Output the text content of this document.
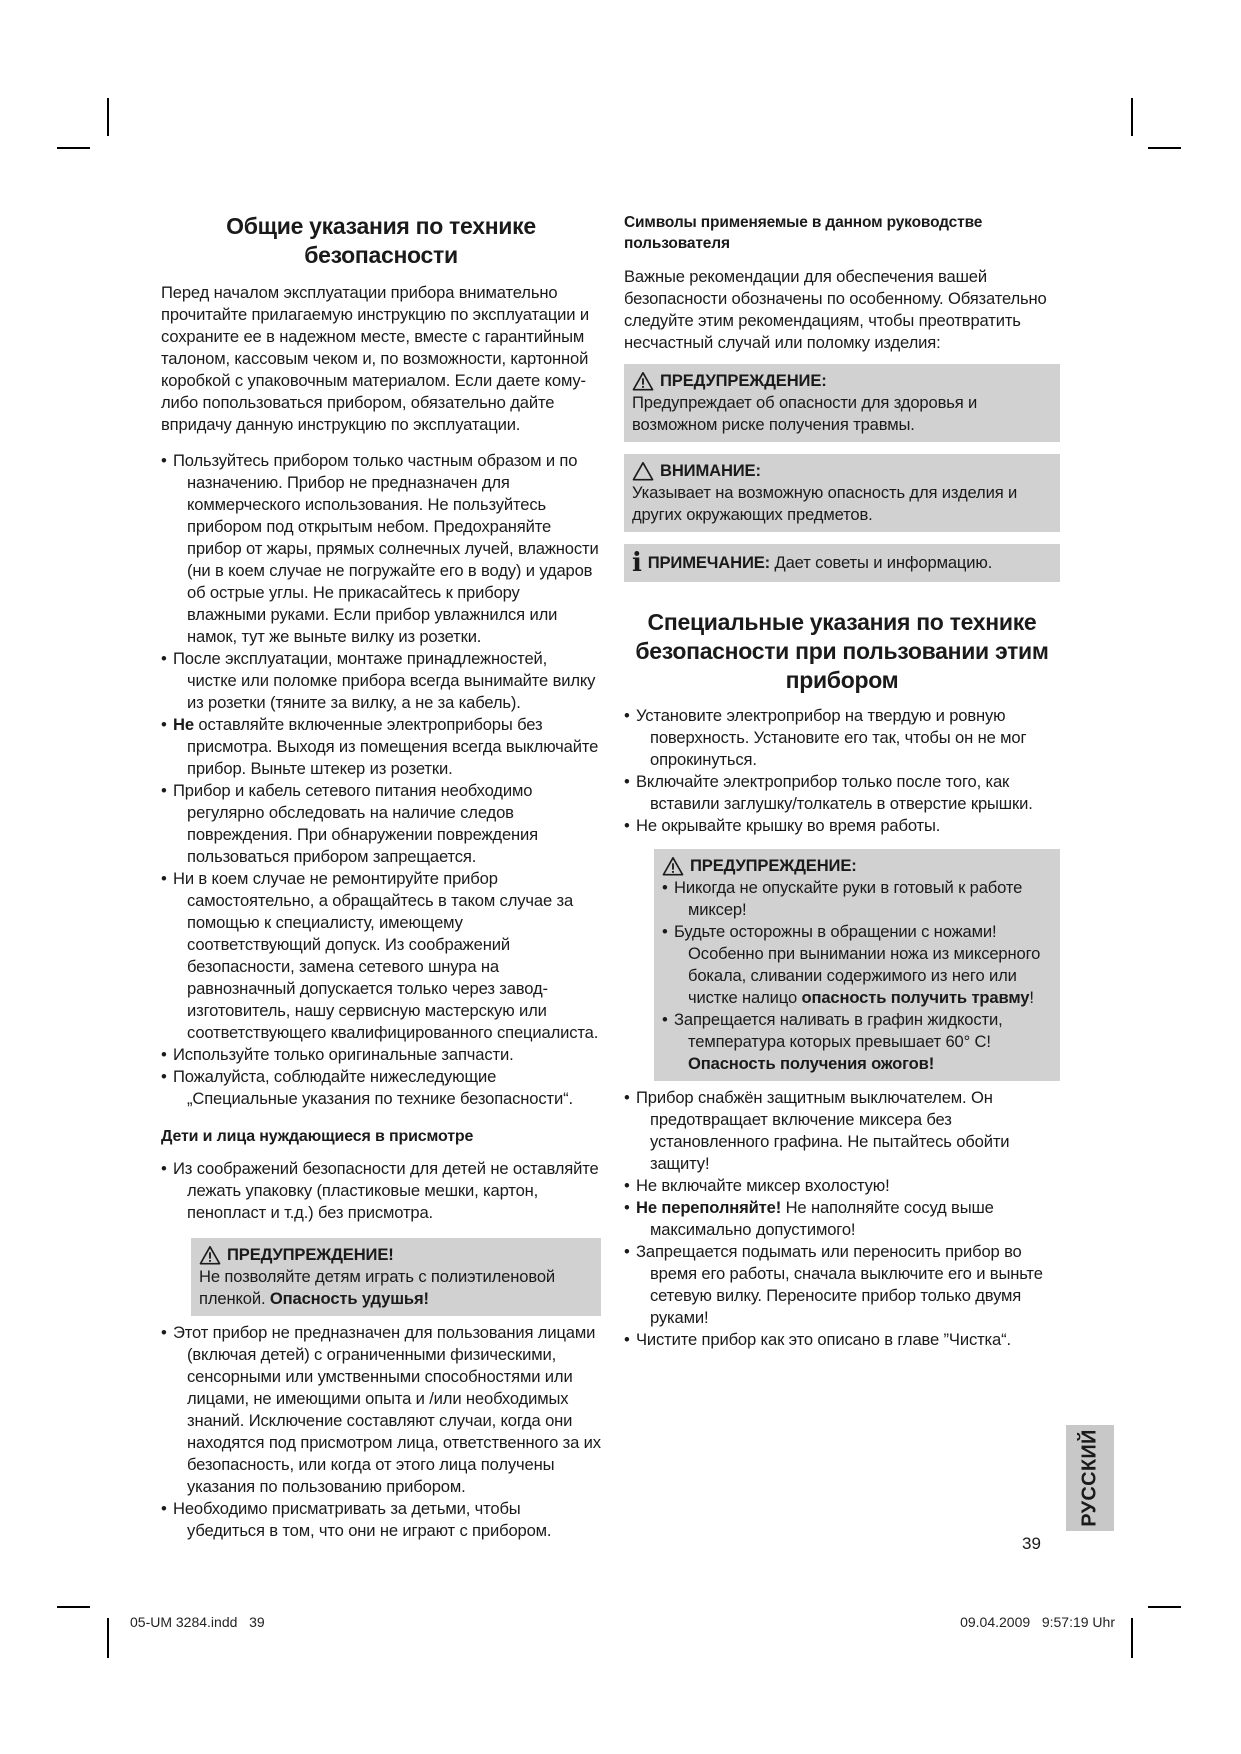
Общие указания по технике безопасности

Перед началом эксплуатации прибора внимательно прочитайте прилагаемую инструкцию по эксплуатации и сохраните ее в надежном месте, вместе с гарантийным талоном, кассовым чеком и, по возможности, картонной коробкой с упаковочным материалом. Если даете кому-либо попользоваться прибором, обязательно дайте впридачу данную инструкцию по эксплуатации.

• Пользуйтесь прибором только частным образом и по назначению. Прибор не предназначен для коммерческого использования. Не пользуйтесь прибором под открытым небом. Предохраняйте прибор от жары, прямых солнечных лучей, влажности (ни в коем случае не погружайте его в воду) и ударов об острые углы. Не прикасайтесь к прибору влажными руками. Если прибор увлажнился или намок, тут же выньте вилку из розетки.
• После эксплуатации, монтаже принадлежностей, чистке или поломке прибора всегда вынимайте вилку из розетки (тяните за вилку, а не за кабель).
• Не оставляйте включенные электроприборы без присмотра. Выходя из помещения всегда выключайте прибор. Выньте штекер из розетки.
• Прибор и кабель сетевого питания необходимо регулярно обследовать на наличие следов повреждения. При обнаружении повреждения пользоваться прибором запрещается.
• Ни в коем случае не ремонтируйте прибор самостоятельно, а обращайтесь в таком случае за помощью к специалисту, имеющему соответствующий допуск. Из соображений безопасности, замена сетевого шнура на равнозначный допускается только через завод-изготовитель, нашу сервисную мастерскую или соответствующего квалифицированного специалиста.
• Используйте только оригинальные запчасти.
• Пожалуйста, соблюдайте нижеследующие „Специальные указания по технике безопасности“.
Дети и лица нуждающиеся в присмотре
• Из соображений безопасности для детей не оставляйте лежать упаковку (пластиковые мешки, картон, пенопласт и т.д.) без присмотра.
ПРЕДУПРЕЖДЕНИЕ!

Не позволяйте детям играть с полиэтиленовой пленкой. Опасность удушья!

• Этот прибор не предназначен для пользования лицами (включая детей) с ограниченными физическими, сенсорными или умственными способностями или лицами, не имеющими опыта и /или необходимых знаний. Исключение составляют случаи, когда они находятся под присмотром лица, ответственного за их безопасность, или когда от этого лица получены указания по пользованию прибором.
• Необходимо присматривать за детьми, чтобы убедиться в том, что они не играют с прибором.
Символы применяемые в данном руководстве пользователя

Важные рекомендации для обеспечения вашей безопасности обозначены по особенному. Обязательно следуйте этим рекомендациям, чтобы преотвратить несчастный случай или поломку изделия:

ПРЕДУПРЕЖДЕНИЕ:

Предупреждает об опасности для здоровья и возможном риске получения травмы.

ВНИМАНИЕ:

Указывает на возможную опасность для изделия и других окружающих предметов.

i ПРИМЕЧАНИЕ: Дает советы и информацию.

Специальные указания по технике безопасности при пользовании этим прибором
• Установите электроприбор на твердую и ровную поверхность. Установите его так, чтобы он не мог опрокинуться.
• Включайте электроприбор только после того, как вставили заглушку/толкатель в отверстие крышки.
• Не окрывайте крышку во время работы.
ПРЕДУПРЕЖДЕНИЕ:
• Никогда не опускайте руки в готовый к работе миксер!
• Будьте осторожны в обращении с ножами! Особенно при вынимании ножа из миксерного бокала, сливании содержимого из него или чистке налицо опасность получить травму!
• Запрещается наливать в графин жидкости, температура которых превышает 60° C! Опасность получения ожогов!
• Прибор снабжён защитным выключателем. Он предотвращает включение миксера без установленного графина. Не пытайтесь обойти защиту!
• Не включайте миксер вхолостую!
• Не переполняйте! Не наполняйте сосуд выше максимально допустимого!
• Запрещается подымать или переносить прибор во время его работы, сначала выключите его и выньте сетевую вилку. Переносите прибор только двумя руками!
• Чистите прибор как это описано в главе ”Чистка“.
РУССКИЙ
39
05-UM 3284.indd   39	09.04.2009   9:57:19 Uhr
